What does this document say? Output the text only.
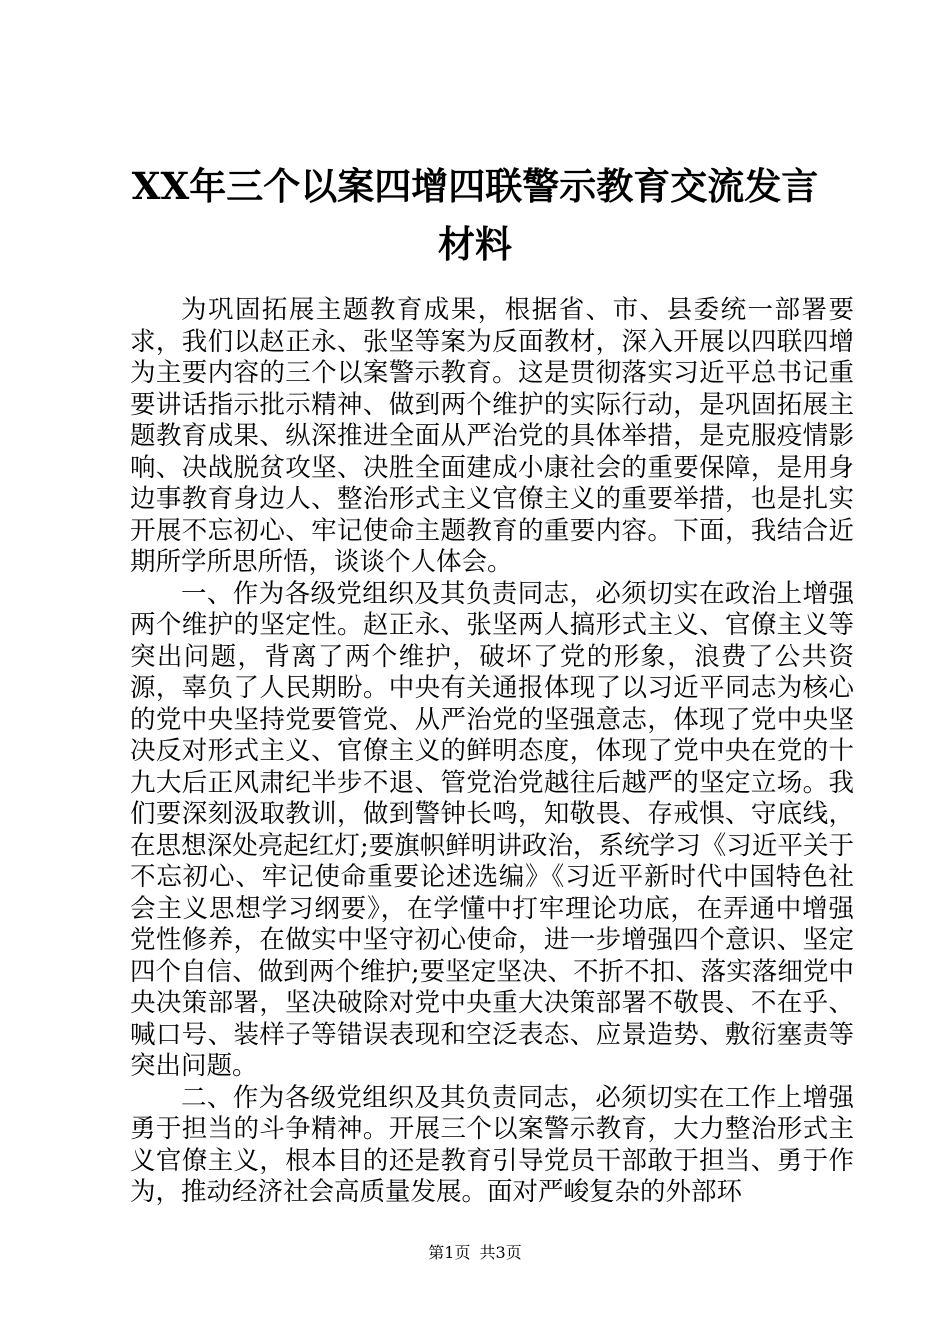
XX年三个以案四增四联警示教育交流发言材料

为巩固拓展主题教育成果，根据省、市、县委统一部署要求，我们以赵正永、张坚等案为反面教材，深入开展以四联四增为主要内容的三个以案警示教育。这是贯彻落实习近平总书记重要讲话指示批示精神、做到两个维护的实际行动，是巩固拓展主题教育成果、纵深推进全面从严治党的具体举措，是克服疫情影响、决战脱贫攻坚、决胜全面建成小康社会的重要保障，是用身边事教育身边人、整治形式主义官僚主义的重要举措，也是扎实开展不忘初心、牢记使命主题教育的重要内容。下面，我结合近期所学所思所悟，谈谈个人体会。

一、作为各级党组织及其负责同志，必须切实在政治上增强两个维护的坚定性。赵正永、张坚两人搞形式主义、官僚主义等突出问题，背离了两个维护，破坏了党的形象，浪费了公共资源，辜负了人民期盼。中央有关通报体现了以习近平同志为核心的党中央坚持党要管党、从严治党的坚强意志，体现了党中央坚决反对形式主义、官僚主义的鲜明态度，体现了党中央在党的十九大后正风肃纪半步不退、管党治党越往后越严的坚定立场。我们要深刻汲取教训，做到警钟长鸣，知敬畏、存戒惧、守底线，在思想深处亮起红灯;要旗帜鲜明讲政治，系统学习《习近平关于不忘初心、牢记使命重要论述选编》《习近平新时代中国特色社会主义思想学习纲要》，在学懂中打牢理论功底，在弄通中增强党性修养，在做实中坚守初心使命，进一步增强四个意识、坚定四个自信、做到两个维护;要坚定坚决、不折不扣、落实落细党中央决策部署，坚决破除对党中央重大决策部署不敬畏、不在乎、喊口号、装样子等错误表现和空泛表态、应景造势、敷衍塞责等突出问题。

二、作为各级党组织及其负责同志，必须切实在工作上增强勇于担当的斗争精神。开展三个以案警示教育，大力整治形式主义官僚主义，根本目的还是教育引导党员干部敢于担当、勇于作为，推动经济社会高质量发展。面对严峻复杂的外部环

第1页 共3页
